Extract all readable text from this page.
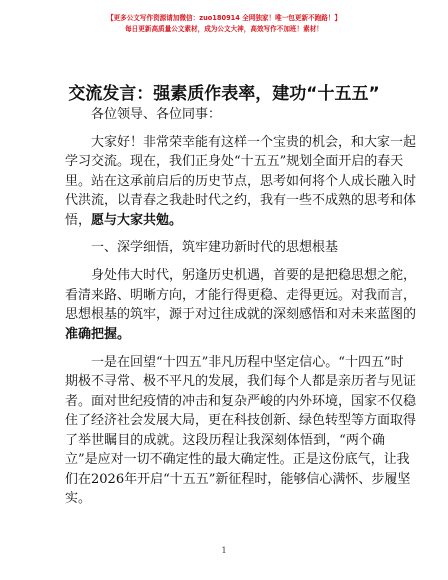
【更多公文写作资源请加微信：zuo180914 全网独家！唯一包更新不跑路！】
每日更新高质量公文素材，成为公文大神，高效写作不加班！素材！
交流发言：强素质作表率，建功“十五五”
各位领导、各位同事：
大家好！非常荣幸能有这样一个宝贵的机会，和大家一起
学习交流。现在，我们正身处“十五五”规划全面开启的春天
里。站在这承前启后的历史节点，思考如何将个人成长融入时
代洪流，以青春之我赴时代之约，我有一些不成熟的思考和体
悟，愿与大家共勉。
一、深学细悟，筑牢建功新时代的思想根基
身处伟大时代，躬逢历史机遇，首要的是把稳思想之舵，
看清来路、明晰方向，才能行得更稳、走得更远。对我而言，
思想根基的筑牢，源于对过往成就的深刻感悟和对未来蓝图的
准确把握。
一是在回望“十四五”非凡历程中坚定信心。“十四五”时
期极不寻常、极不平凡的发展，我们每个人都是亲历者与见证
者。面对世纪疫情的冲击和复杂严峻的内外环境，国家不仅稳
住了经济社会发展大局，更在科技创新、绿色转型等方面取得
了举世瞩目的成就。这段历程让我深刻体悟到，“两个确
立”是应对一切不确定性的最大确定性。正是这份底气，让我
们在2026年开启“十五五”新征程时，能够信心满怀、步履坚
实。
1
